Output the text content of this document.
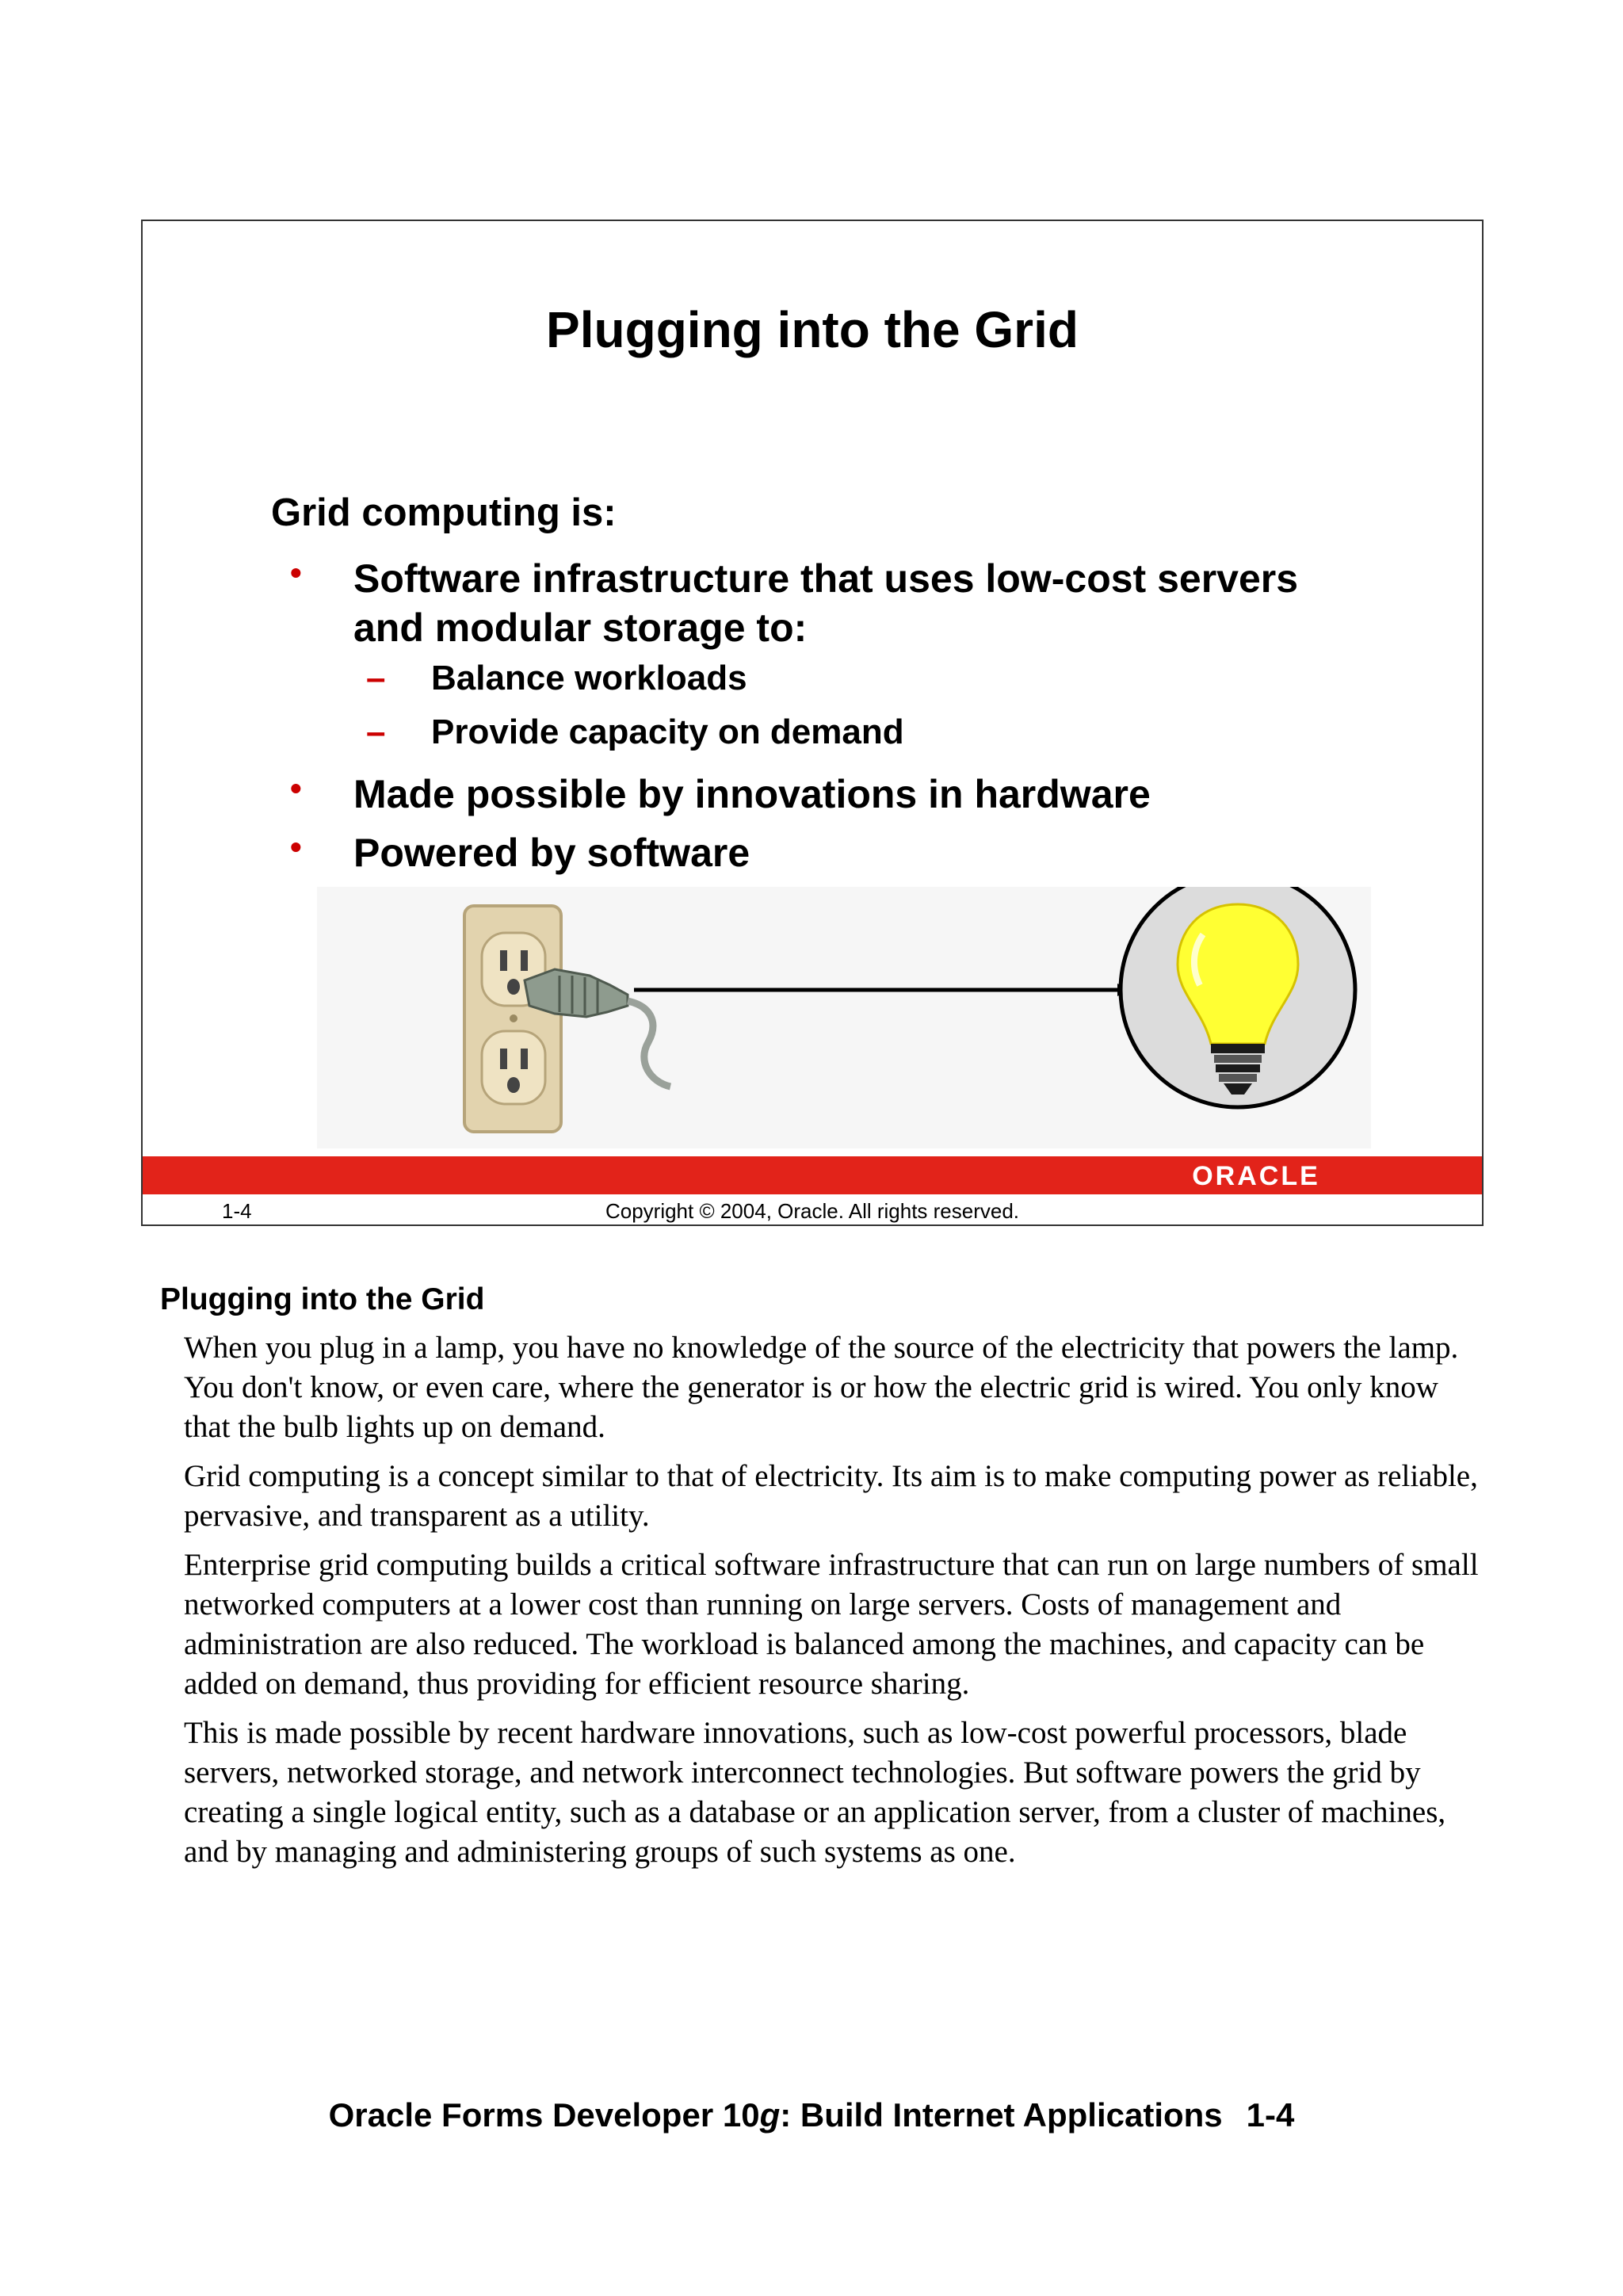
Plugging into the Grid
Grid computing is:
• Software infrastructure that uses low-cost servers
and modular storage to:
– Balance workloads
– Provide capacity on demand
• Made possible by innovations in hardware
• Powered by software
ORACLE
1-4	Copyright © 2004, Oracle. All rights reserved.
Plugging into the Grid

When you plug in a lamp, you have no knowledge of the source of the electricity that powers the lamp. You don't know, or even care, where the generator is or how the electric grid is wired. You only know that the bulb lights up on demand.

Grid computing is a concept similar to that of electricity. Its aim is to make computing power as reliable, pervasive, and transparent as a utility.

Enterprise grid computing builds a critical software infrastructure that can run on large numbers of small networked computers at a lower cost than running on large servers. Costs of management and administration are also reduced. The workload is balanced among the machines, and capacity can be added on demand, thus providing for efficient resource sharing.

This is made possible by recent hardware innovations, such as low-cost powerful processors, blade servers, networked storage, and network interconnect technologies. But software powers the grid by creating a single logical entity, such as a database or an application server, from a cluster of machines, and by managing and administering groups of such systems as one.

Oracle Forms Developer 10g: Build Internet Applications 1-4
